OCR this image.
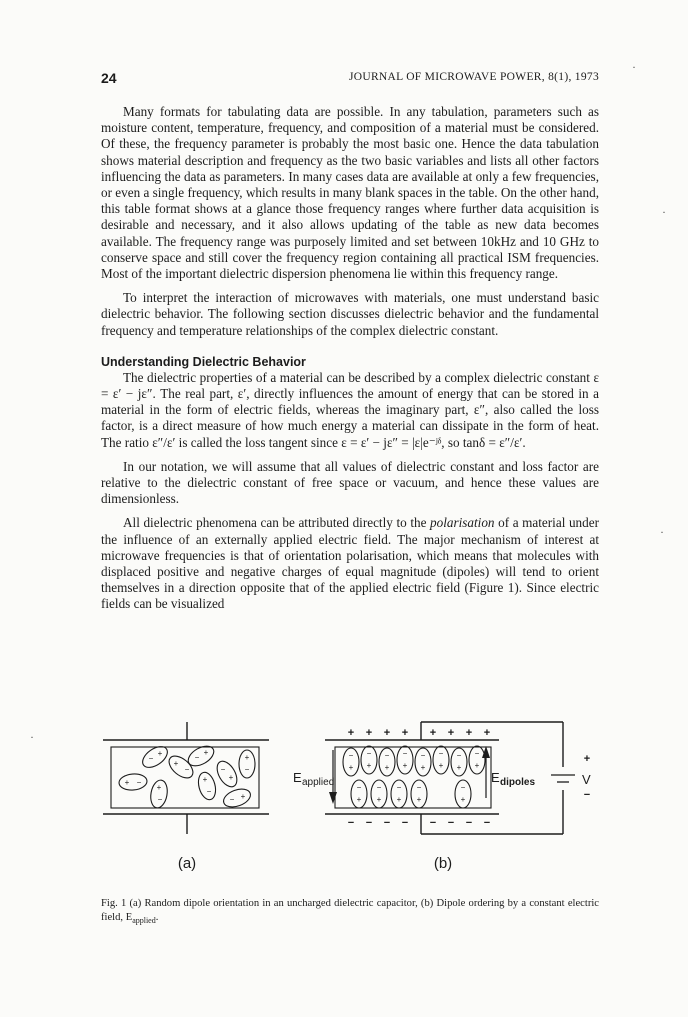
24	JOURNAL OF MICROWAVE POWER, 8(1), 1973

Many formats for tabulating data are possible. In any tabulation, parameters such as moisture content, temperature, frequency, and composition of a material must be considered. Of these, the frequency parameter is probably the most basic one. Hence the data tabulation shows material description and frequency as the two basic variables and lists all other factors influencing the data as parameters. In many cases data are available at only a few frequencies, or even a single frequency, which results in many blank spaces in the table. On the other hand, this table format shows at a glance those frequency ranges where further data acquisition is desirable and necessary, and it also allows updating of the table as new data becomes available. The frequency range was purposely limited and set between 10kHz and 10 GHz to conserve space and still cover the frequency region containing all practical ISM frequencies. Most of the important dielectric dispersion phenomena lie within this frequency range.

To interpret the interaction of microwaves with materials, one must understand basic dielectric behavior. The following section discusses dielectric behavior and the fundamental frequency and temperature relationships of the complex dielectric constant.

Understanding Dielectric Behavior

The dielectric properties of a material can be described by a complex dielectric constant ε = ε′ − jε″. The real part, ε′, directly influences the amount of energy that can be stored in a material in the form of electric fields, whereas the imaginary part, ε″, also called the loss factor, is a direct measure of how much energy a material can dissipate in the form of heat. The ratio ε″/ε′ is called the loss tangent since ε = ε′ − jε″ = |ε|e⁻ʲᵟ, so tanδ = ε″/ε′.

In our notation, we will assume that all values of dielectric constant and loss factor are relative to the dielectric constant of free space or vacuum, and hence these values are dimensionless.

All dielectric phenomena can be attributed directly to the polarisation of a material under the influence of an externally applied electric field. The major mechanism of interest at microwave frequencies is that of orientation polarisation, which means that molecules with displaced positive and negative charges of equal magnitude (dipoles) will tend to orient themselves in a direction opposite that of the applied electric field (Figure 1). Since electric fields can be visualized

+ −
−
+
+
−
+
−
−
+
+
−
−
+
+
−
− +
−
+
−
+
−
+
−
+
−
+
−
+
−
+
−
+
−
+
−
+
−
+
−
+
−
+
+ + + + + + + +
− − − − − − − −
+
−
E applied	E dipoles	V
(a)	(b)
Fig. 1 (a) Random dipole orientation in an uncharged dielectric capacitor, (b) Dipole ordering by a constant electric field, $E_{applied}$.
·
·
·
·
